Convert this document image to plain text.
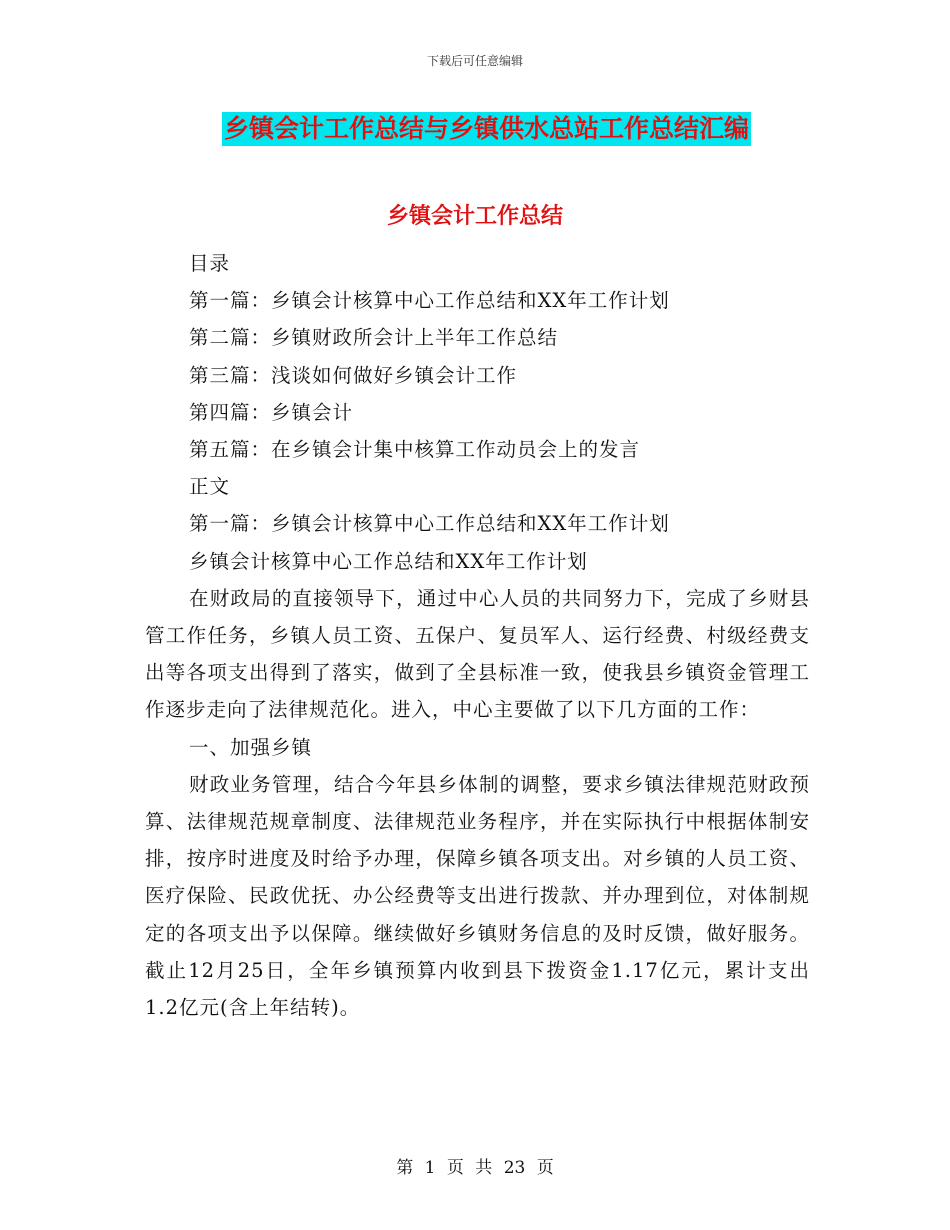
下载后可任意编辑
乡镇会计工作总结与乡镇供水总站工作总结汇编
乡镇会计工作总结

目录

第一篇：乡镇会计核算中心工作总结和XX年工作计划

第二篇：乡镇财政所会计上半年工作总结

第三篇：浅谈如何做好乡镇会计工作

第四篇：乡镇会计

第五篇：在乡镇会计集中核算工作动员会上的发言

正文

第一篇：乡镇会计核算中心工作总结和XX年工作计划

乡镇会计核算中心工作总结和XX年工作计划

在财政局的直接领导下，通过中心人员的共同努力下，完成了乡财县管工作任务，乡镇人员工资、五保户、复员军人、运行经费、村级经费支出等各项支出得到了落实，做到了全县标准一致，使我县乡镇资金管理工作逐步走向了法律规范化。进入，中心主要做了以下几方面的工作：

一、加强乡镇

财政业务管理，结合今年县乡体制的调整，要求乡镇法律规范财政预算、法律规范规章制度、法律规范业务程序，并在实际执行中根据体制安排，按序时进度及时给予办理，保障乡镇各项支出。对乡镇的人员工资、医疗保险、民政优抚、办公经费等支出进行拨款、并办理到位，对体制规定的各项支出予以保障。继续做好乡镇财务信息的及时反馈，做好服务。截止12月25日，全年乡镇预算内收到县下拨资金1.17亿元，累计支出1.2亿元(含上年结转)。

第 1 页 共 23 页
